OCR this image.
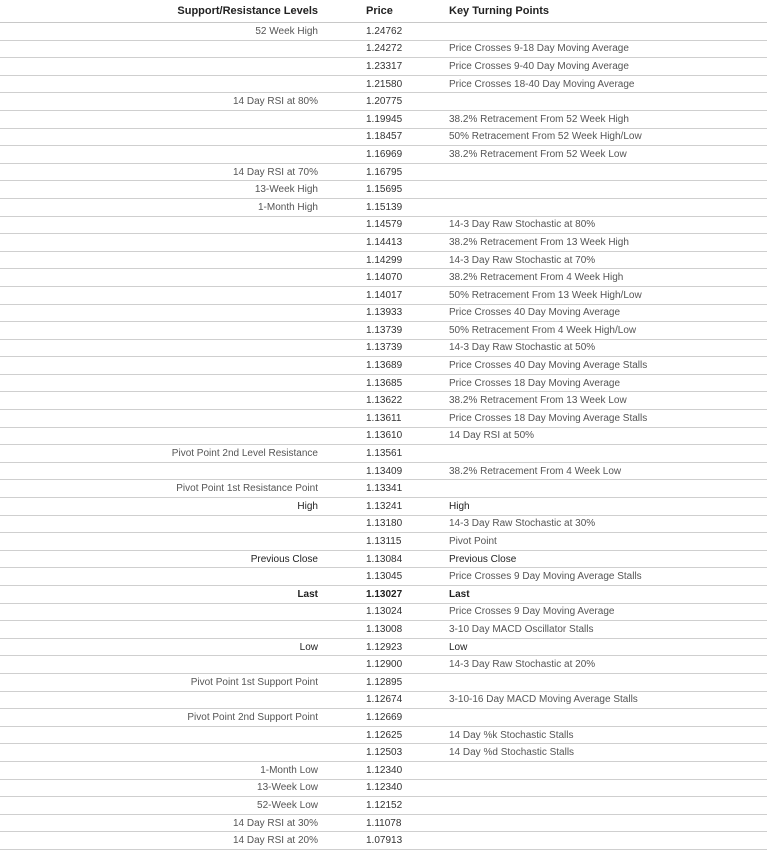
Support/Resistance Levels	Price	Key Turning Points
52 Week High	1.24762	
	1.24272	Price Crosses 9-18 Day Moving Average
	1.23317	Price Crosses 9-40 Day Moving Average
	1.21580	Price Crosses 18-40 Day Moving Average
14 Day RSI at 80%	1.20775	
	1.19945	38.2% Retracement From 52 Week High
	1.18457	50% Retracement From 52 Week High/Low
	1.16969	38.2% Retracement From 52 Week Low
14 Day RSI at 70%	1.16795	
13-Week High	1.15695	
1-Month High	1.15139	
	1.14579	14-3 Day Raw Stochastic at 80%
	1.14413	38.2% Retracement From 13 Week High
	1.14299	14-3 Day Raw Stochastic at 70%
	1.14070	38.2% Retracement From 4 Week High
	1.14017	50% Retracement From 13 Week High/Low
	1.13933	Price Crosses 40 Day Moving Average
	1.13739	50% Retracement From 4 Week High/Low
	1.13739	14-3 Day Raw Stochastic at 50%
	1.13689	Price Crosses 40 Day Moving Average Stalls
	1.13685	Price Crosses 18 Day Moving Average
	1.13622	38.2% Retracement From 13 Week Low
	1.13611	Price Crosses 18 Day Moving Average Stalls
	1.13610	14 Day RSI at 50%
Pivot Point 2nd Level Resistance	1.13561	
	1.13409	38.2% Retracement From 4 Week Low
Pivot Point 1st Resistance Point	1.13341	
High	1.13241	High
	1.13180	14-3 Day Raw Stochastic at 30%
	1.13115	Pivot Point
Previous Close	1.13084	Previous Close
	1.13045	Price Crosses 9 Day Moving Average Stalls
Last	1.13027	Last
	1.13024	Price Crosses 9 Day Moving Average
	1.13008	3-10 Day MACD Oscillator Stalls
Low	1.12923	Low
	1.12900	14-3 Day Raw Stochastic at 20%
Pivot Point 1st Support Point	1.12895	
	1.12674	3-10-16 Day MACD Moving Average Stalls
Pivot Point 2nd Support Point	1.12669	
	1.12625	14 Day %k Stochastic Stalls
	1.12503	14 Day %d Stochastic Stalls
1-Month Low	1.12340	
13-Week Low	1.12340	
52-Week Low	1.12152	
14 Day RSI at 30%	1.11078	
14 Day RSI at 20%	1.07913	
